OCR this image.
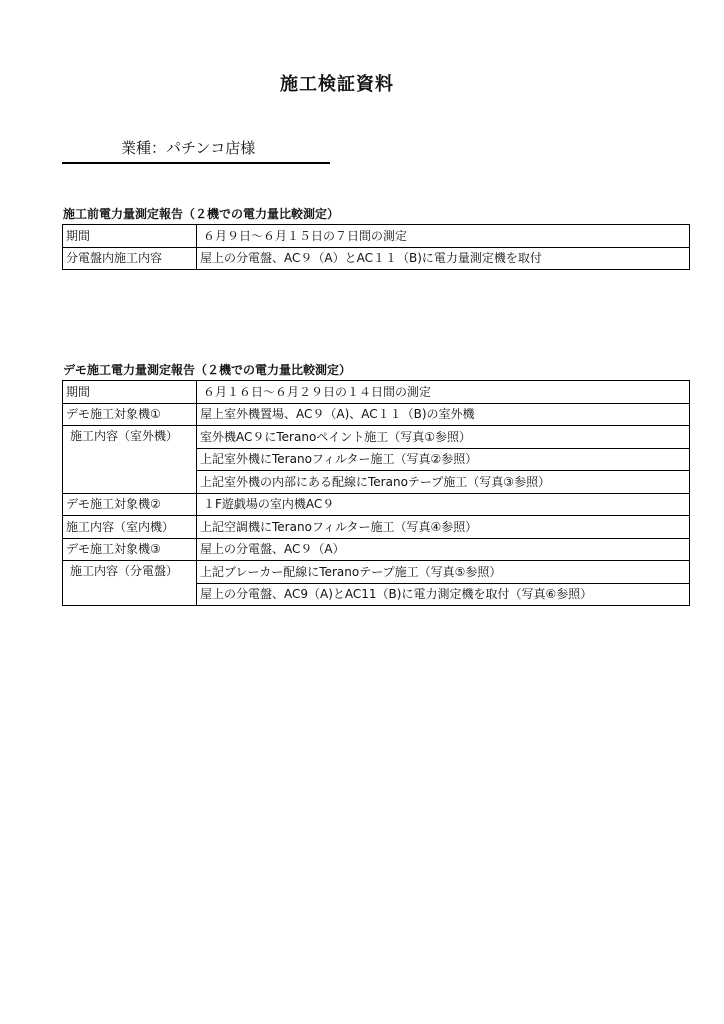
施工検証資料
業種：パチンコ店様
施工前電力量測定報告（２機での電力量比較測定）
期間	６月９日～６月１５日の７日間の測定
分電盤内施工内容	屋上の分電盤、AC９（A）とAC１１（B)に電力量測定機を取付
デモ施工電力量測定報告（２機での電力量比較測定）
期間	６月１６日～６月２９日の１４日間の測定
デモ施工対象機①	屋上室外機置場、AC９（A)、AC１１（B)の室外機
施工内容（室外機）	室外機AC９にTeranoペイント施工（写真①参照）
	上記室外機にTeranoフィルター施工（写真②参照）
	上記室外機の内部にある配線にTeranoテープ施工（写真③参照）
デモ施工対象機②	１F遊戯場の室内機AC９
施工内容（室内機）	上記空調機にTeranoフィルター施工（写真④参照）
デモ施工対象機③	屋上の分電盤、AC９（A）
施工内容（分電盤）	上記ブレーカー配線にTeranoテープ施工（写真⑤参照）
	屋上の分電盤、AC9（A)とAC11（B)に電力測定機を取付（写真⑥参照）
